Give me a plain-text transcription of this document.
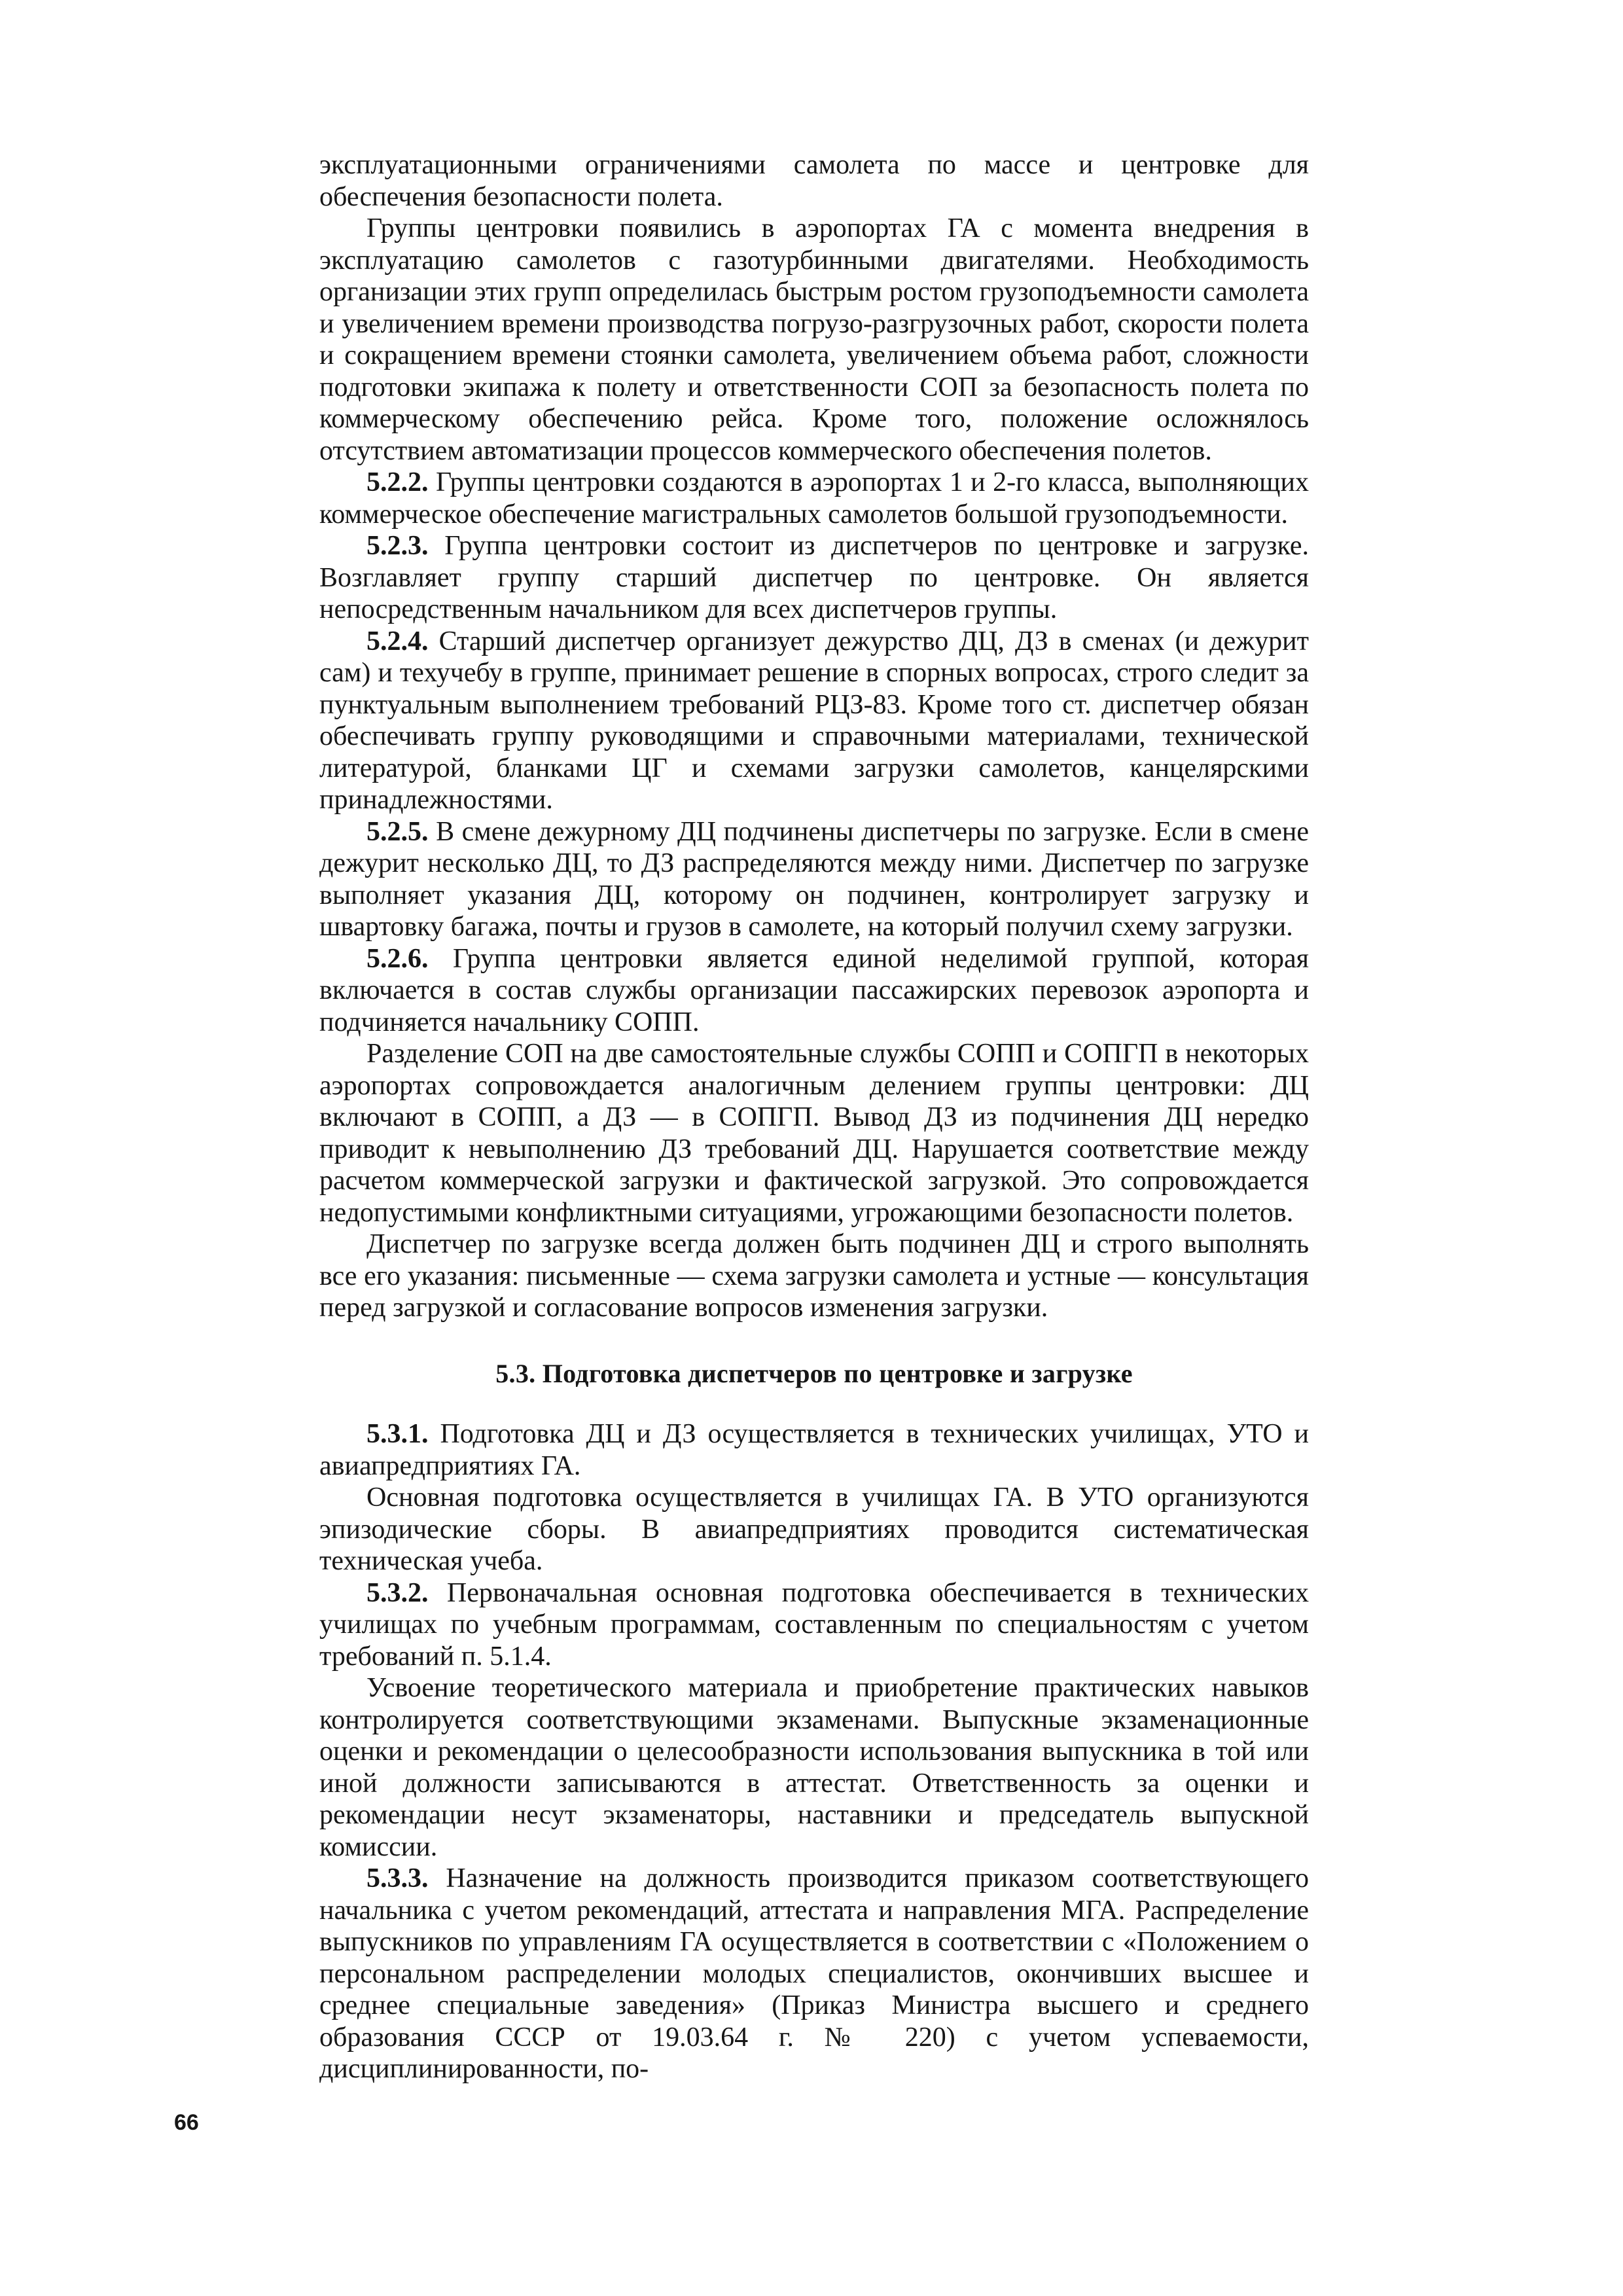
эксплуатационными ограничениями самолета по массе и центровке для обеспечения безопасности полета.

Группы центровки появились в аэропортах ГА с момента внедрения в эксплуатацию самолетов с газотурбинными двигателями. Необходимость организации этих групп определилась быстрым ростом грузоподъемности самолета и увеличением времени производства погрузо-разгрузочных работ, скорости полета и сокращением времени стоянки самолета, увеличением объема работ, сложности подготовки экипажа к полету и ответственности СОП за безопасность полета по коммерческому обеспечению рейса. Кроме того, положение осложнялось отсутствием автоматизации процессов коммерческого обеспечения полетов.

5.2.2. Группы центровки создаются в аэропортах 1 и 2-го класса, выполняющих коммерческое обеспечение магистральных самолетов большой грузоподъемности.

5.2.3. Группа центровки состоит из диспетчеров по центровке и загрузке. Возглавляет группу старший диспетчер по центровке. Он является непосредственным начальником для всех диспетчеров группы.

5.2.4. Старший диспетчер организует дежурство ДЦ, ДЗ в сменах (и дежурит сам) и техучебу в группе, принимает решение в спорных вопросах, строго следит за пунктуальным выполнением требований РЦЗ-83. Кроме того ст. диспетчер обязан обеспечивать группу руководящими и справочными материалами, технической литературой, бланками ЦГ и схемами загрузки самолетов, канцелярскими принадлежностями.

5.2.5. В смене дежурному ДЦ подчинены диспетчеры по загрузке. Если в смене дежурит несколько ДЦ, то ДЗ распределяются между ними. Диспетчер по загрузке выполняет указания ДЦ, которому он подчинен, контролирует загрузку и швартовку багажа, почты и грузов в самолете, на который получил схему загрузки.

5.2.6. Группа центровки является единой неделимой группой, которая включается в состав службы организации пассажирских перевозок аэропорта и подчиняется начальнику СОПП.

Разделение СОП на две самостоятельные службы СОПП и СОПГП в некоторых аэропортах сопровождается аналогичным делением группы центровки: ДЦ включают в СОПП, а ДЗ — в СОПГП. Вывод ДЗ из подчинения ДЦ нередко приводит к невыполнению ДЗ требований ДЦ. Нарушается соответствие между расчетом коммерческой загрузки и фактической загрузкой. Это сопровождается недопустимыми конфликтными ситуациями, угрожающими безопасности полетов.

Диспетчер по загрузке всегда должен быть подчинен ДЦ и строго выполнять все его указания: письменные — схема загрузки самолета и устные — консультация перед загрузкой и согласование вопросов изменения загрузки.

5.3. Подготовка диспетчеров по центровке и загрузке

5.3.1. Подготовка ДЦ и ДЗ осуществляется в технических училищах, УТО и авиапредприятиях ГА.

Основная подготовка осуществляется в училищах ГА. В УТО организуются эпизодические сборы. В авиапредприятиях проводится систематическая техническая учеба.

5.3.2. Первоначальная основная подготовка обеспечивается в технических училищах по учебным программам, составленным по специальностям с учетом требований п. 5.1.4.

Усвоение теоретического материала и приобретение практических навыков контролируется соответствующими экзаменами. Выпускные экзаменационные оценки и рекомендации о целесообразности использования выпускника в той или иной должности записываются в аттестат. Ответственность за оценки и рекомендации несут экзаменаторы, наставники и председатель выпускной комиссии.

5.3.3. Назначение на должность производится приказом соответствующего начальника с учетом рекомендаций, аттестата и направления МГА. Распределение выпускников по управлениям ГА осуществляется в соответствии с «Положением о персональном распределении молодых специалистов, окончивших высшее и среднее специальные заведения» (Приказ Министра высшего и среднего образования СССР от 19.03.64 г. № 220) с учетом успеваемости, дисциплинированности, по-

66
